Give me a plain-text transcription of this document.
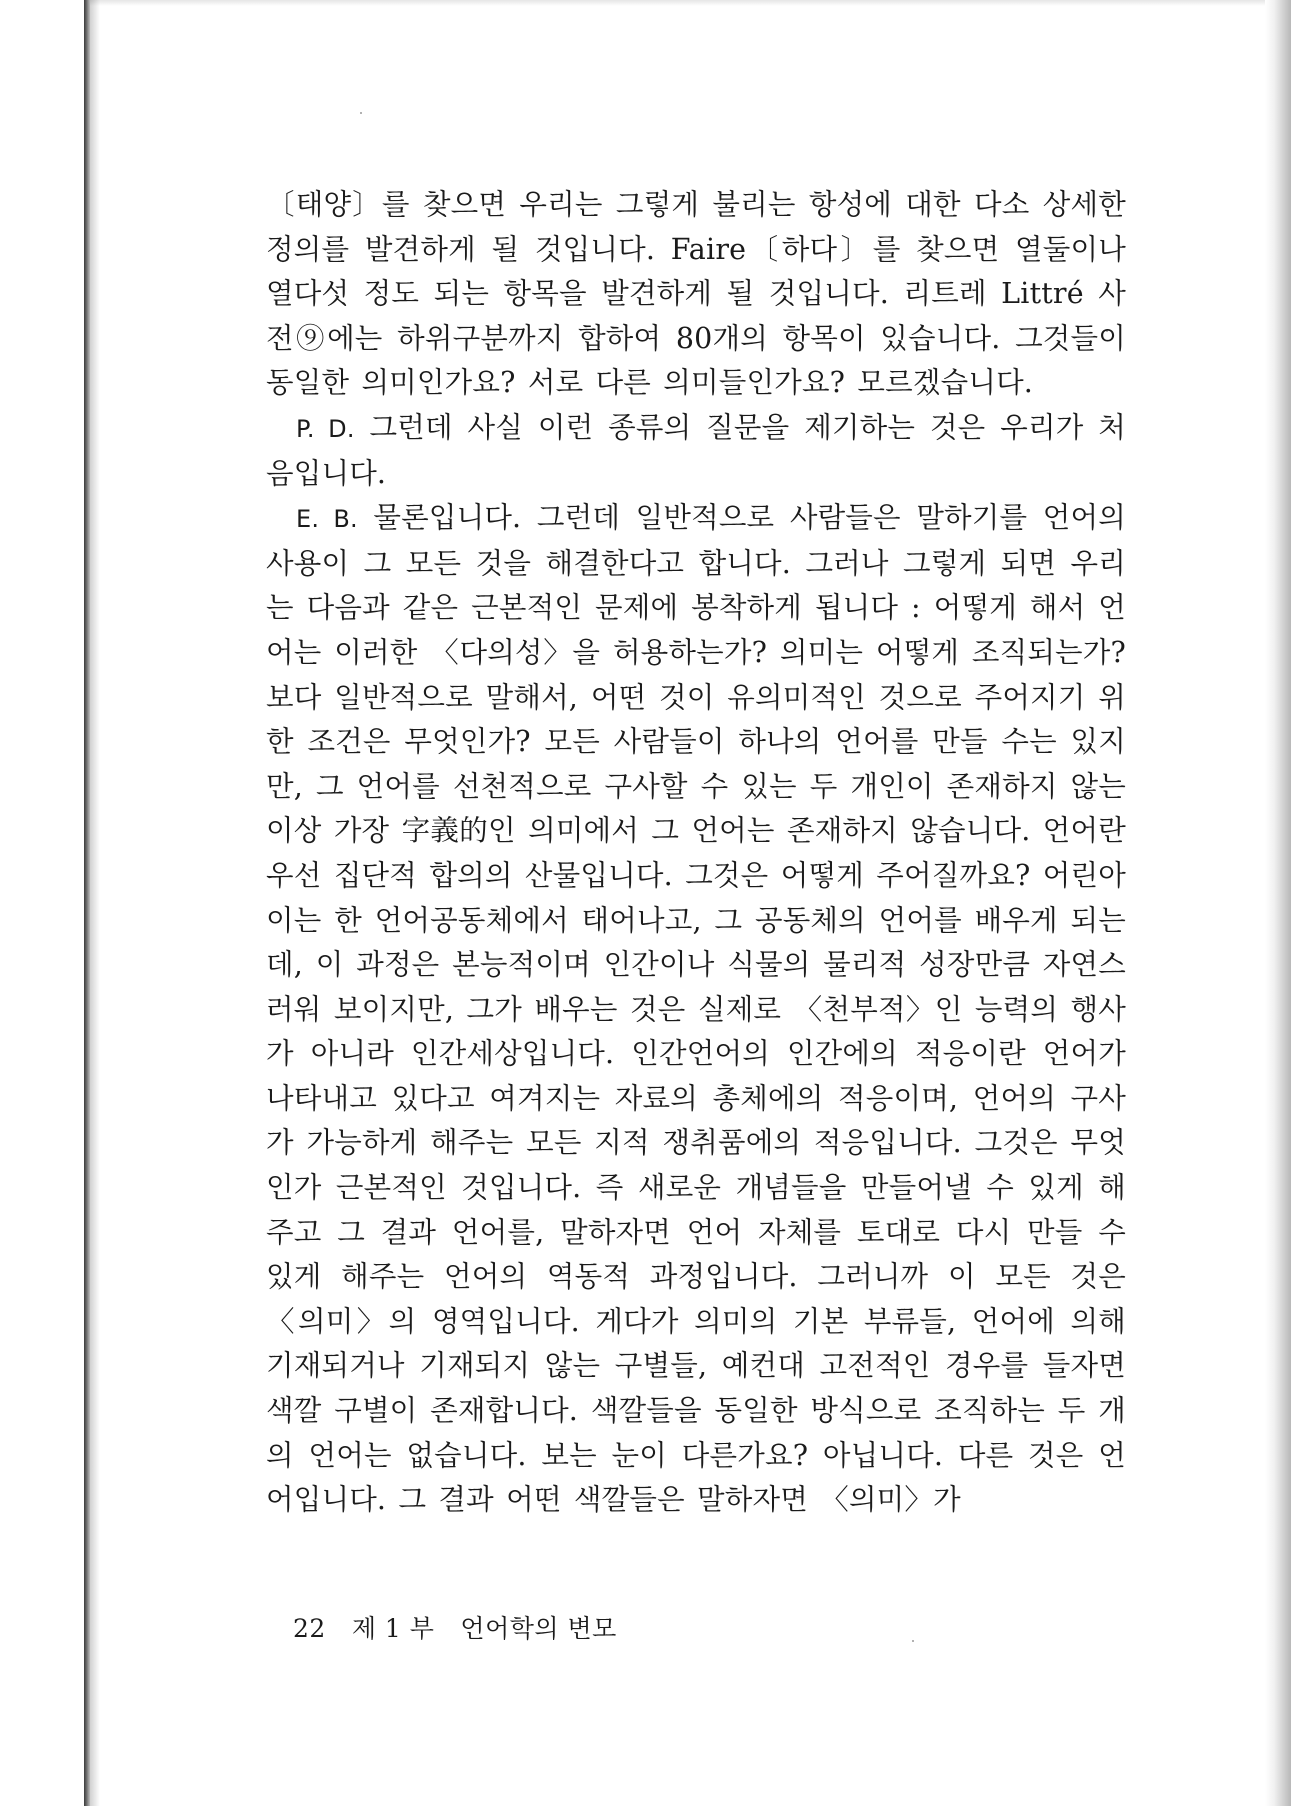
〔태양〕를 찾으면 우리는 그렇게 불리는 항성에 대한 다소 상세한 정의를 발견하게 될 것입니다. Faire〔하다〕를 찾으면 열둘이나 열다섯 정도 되는 항목을 발견하게 될 것입니다. 리트레 Littré 사전⑨에는 하위구분까지 합하여 80개의 항목이 있습니다. 그것들이 동일한 의미인가요? 서로 다른 의미들인가요? 모르겠습니다.

P. D. 그런데 사실 이런 종류의 질문을 제기하는 것은 우리가 처음입니다.

E. B. 물론입니다. 그런데 일반적으로 사람들은 말하기를 언어의 사용이 그 모든 것을 해결한다고 합니다. 그러나 그렇게 되면 우리는 다음과 같은 근본적인 문제에 봉착하게 됩니다 : 어떻게 해서 언어는 이러한 〈다의성〉을 허용하는가? 의미는 어떻게 조직되는가? 보다 일반적으로 말해서, 어떤 것이 유의미적인 것으로 주어지기 위한 조건은 무엇인가? 모든 사람들이 하나의 언어를 만들 수는 있지만, 그 언어를 선천적으로 구사할 수 있는 두 개인이 존재하지 않는 이상 가장 字義的인 의미에서 그 언어는 존재하지 않습니다. 언어란 우선 집단적 합의의 산물입니다. 그것은 어떻게 주어질까요? 어린아이는 한 언어공동체에서 태어나고, 그 공동체의 언어를 배우게 되는데, 이 과정은 본능적이며 인간이나 식물의 물리적 성장만큼 자연스러워 보이지만, 그가 배우는 것은 실제로 〈천부적〉인 능력의 행사가 아니라 인간세상입니다. 인간언어의 인간에의 적응이란 언어가 나타내고 있다고 여겨지는 자료의 총체에의 적응이며, 언어의 구사가 가능하게 해주는 모든 지적 쟁취품에의 적응입니다. 그것은 무엇인가 근본적인 것입니다. 즉 새로운 개념들을 만들어낼 수 있게 해주고 그 결과 언어를, 말하자면 언어 자체를 토대로 다시 만들 수 있게 해주는 언어의 역동적 과정입니다. 그러니까 이 모든 것은 〈의미〉의 영역입니다. 게다가 의미의 기본 부류들, 언어에 의해 기재되거나 기재되지 않는 구별들, 예컨대 고전적인 경우를 들자면 색깔 구별이 존재합니다. 색깔들을 동일한 방식으로 조직하는 두 개의 언어는 없습니다. 보는 눈이 다른가요? 아닙니다. 다른 것은 언어입니다. 그 결과 어떤 색깔들은 말하자면 〈의미〉가

22 제 1 부 언어학의 변모
